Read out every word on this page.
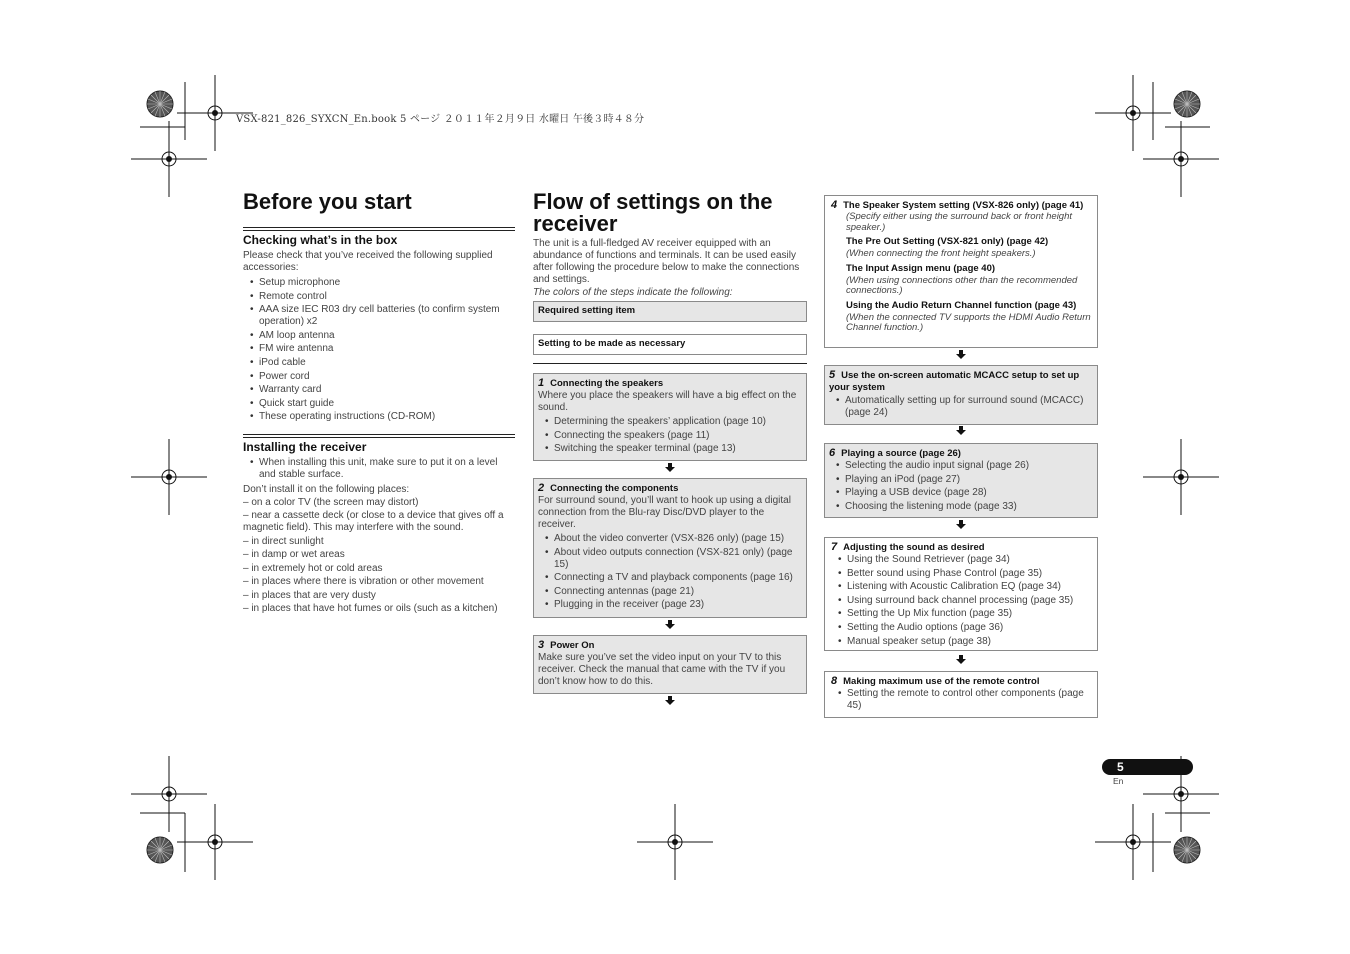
VSX-821_826_SYXCN_En.book 5 ページ ２０１１年２月９日 水曜日 午後３時４８分
Before you start
Checking what’s in the box
Please check that you’ve received the following supplied accessories:
• Setup microphone
• Remote control
• AAA size IEC R03 dry cell batteries (to confirm system operation) x2
• AM loop antenna
• FM wire antenna
• iPod cable
• Power cord
• Warranty card
• Quick start guide
• These operating instructions (CD-ROM)
Installing the receiver
• When installing this unit, make sure to put it on a level and stable surface.
Don’t install it on the following places:
– on a color TV (the screen may distort)
– near a cassette deck (or close to a device that gives off a magnetic field). This may interfere with the sound.
– in direct sunlight
– in damp or wet areas
– in extremely hot or cold areas
– in places where there is vibration or other movement
– in places that are very dusty
– in places that have hot fumes or oils (such as a kitchen)
Flow of settings on the
receiver
The unit is a full-fledged AV receiver equipped with an abundance of functions and terminals. It can be used easily after following the procedure below to make the connections and settings.
The colors of the steps indicate the following:
Required setting item
Setting to be made as necessary
1 Connecting the speakers
Where you place the speakers will have a big effect on the sound.
• Determining the speakers’ application (page 10)
• Connecting the speakers (page 11)
• Switching the speaker terminal (page 13)
2 Connecting the components
For surround sound, you’ll want to hook up using a digital connection from the Blu-ray Disc/DVD player to the receiver.
• About the video converter (VSX-826 only) (page 15)
• About video outputs connection (VSX-821 only) (page 15)
• Connecting a TV and playback components (page 16)
• Connecting antennas (page 21)
• Plugging in the receiver (page 23)
3 Power On
Make sure you’ve set the video input on your TV to this receiver. Check the manual that came with the TV if you don’t know how to do this.
4 The Speaker System setting (VSX-826 only) (page 41)
(Specify either using the surround back or front height speaker.)
The Pre Out Setting (VSX-821 only) (page 42)
(When connecting the front height speakers.)
The Input Assign menu (page 40)
(When using connections other than the recommended connections.)
Using the Audio Return Channel function (page 43)
(When the connected TV supports the HDMI Audio Return Channel function.)
5 Use the on-screen automatic MCACC setup to set up your system
• Automatically setting up for surround sound (MCACC) (page 24)
6 Playing a source (page 26)
• Selecting the audio input signal (page 26)
• Playing an iPod (page 27)
• Playing a USB device (page 28)
• Choosing the listening mode (page 33)
7 Adjusting the sound as desired
• Using the Sound Retriever (page 34)
• Better sound using Phase Control (page 35)
• Listening with Acoustic Calibration EQ (page 34)
• Using surround back channel processing (page 35)
• Setting the Up Mix function (page 35)
• Setting the Audio options (page 36)
• Manual speaker setup (page 38)
8 Making maximum use of the remote control
• Setting the remote to control other components (page 45)
5
En
